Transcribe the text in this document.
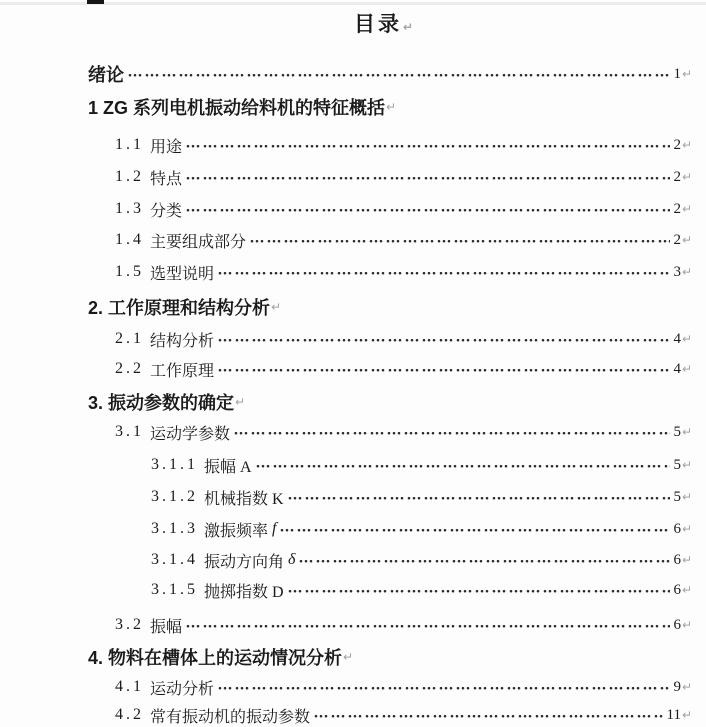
目录↵
绪论	1 ↵
1 ZG 系列电机振动给料机的特征概括 ↵
1.1 用途	2 ↵
1.2 特点	2 ↵
1.3 分类	2 ↵
1.4 主要组成部分	2 ↵
1.5 选型说明	3 ↵
2. 工作原理和结构分析 ↵
2.1 结构分析	4 ↵
2.2 工作原理	4 ↵
3. 振动参数的确定 ↵
3.1 运动学参数	5 ↵
3.1.1 振幅 A	5 ↵
3.1.2 机械指数 K	5 ↵
3.1.3 激振频率 f	6 ↵
3.1.4 振动方向角 δ	6 ↵
3.1.5 抛掷指数 D	6 ↵
3.2 振幅	6 ↵
4. 物料在槽体上的运动情况分析 ↵
4.1 运动分析	9 ↵
4.2 常有振动机的振动参数	11 ↵
